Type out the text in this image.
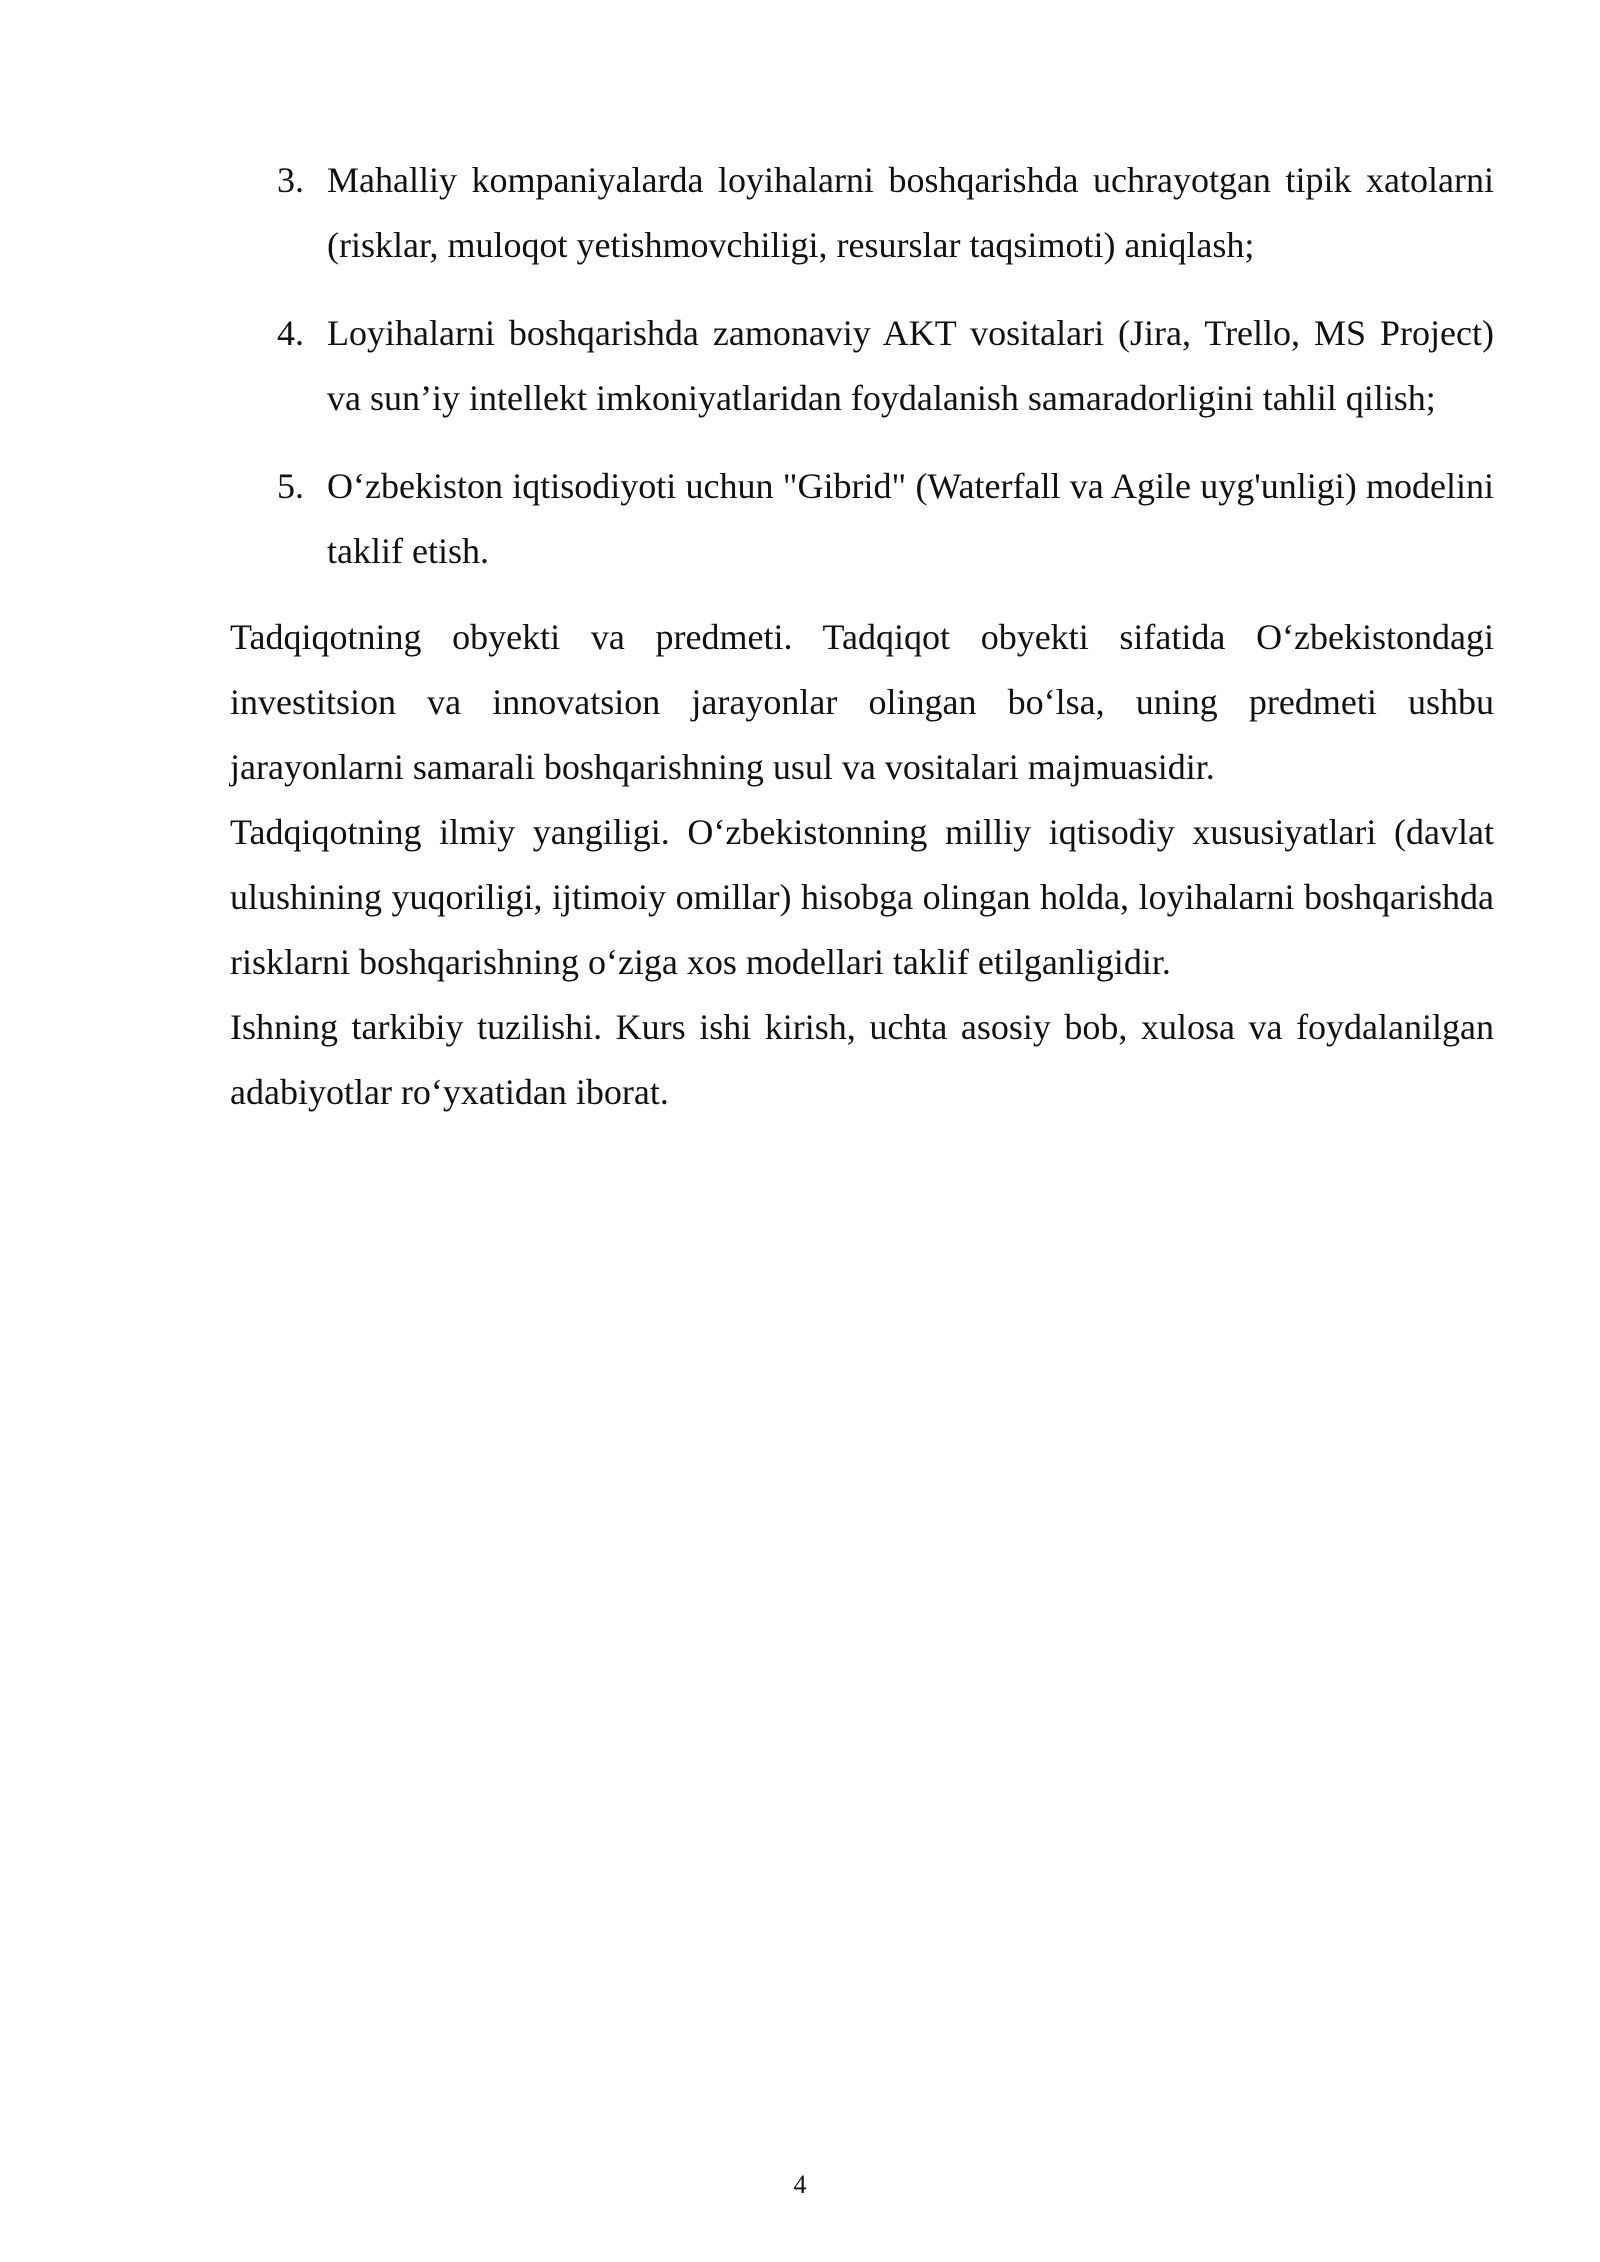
3. Mahalliy kompaniyalarda loyihalarni boshqarishda uchrayotgan tipik xatolarni (risklar, muloqot yetishmovchiligi, resurslar taqsimoti) aniqlash;
4. Loyihalarni boshqarishda zamonaviy AKT vositalari (Jira, Trello, MS Project) va sun’iy intellekt imkoniyatlaridan foydalanish samaradorligini tahlil qilish;
5. O‘zbekiston iqtisodiyoti uchun "Gibrid" (Waterfall va Agile uyg'unligi) modelini taklif etish.

Tadqiqotning obyekti va predmeti. Tadqiqot obyekti sifatida O‘zbekistondagi investitsion va innovatsion jarayonlar olingan bo‘lsa, uning predmeti ushbu jarayonlarni samarali boshqarishning usul va vositalari majmuasidir.

Tadqiqotning ilmiy yangiligi. O‘zbekistonning milliy iqtisodiy xususiyatlari (davlat ulushining yuqoriligi, ijtimoiy omillar) hisobga olingan holda, loyihalarni boshqarishda risklarni boshqarishning o‘ziga xos modellari taklif etilganligidir.

Ishning tarkibiy tuzilishi. Kurs ishi kirish, uchta asosiy bob, xulosa va foydalanilgan adabiyotlar ro‘yxatidan iborat.

4
